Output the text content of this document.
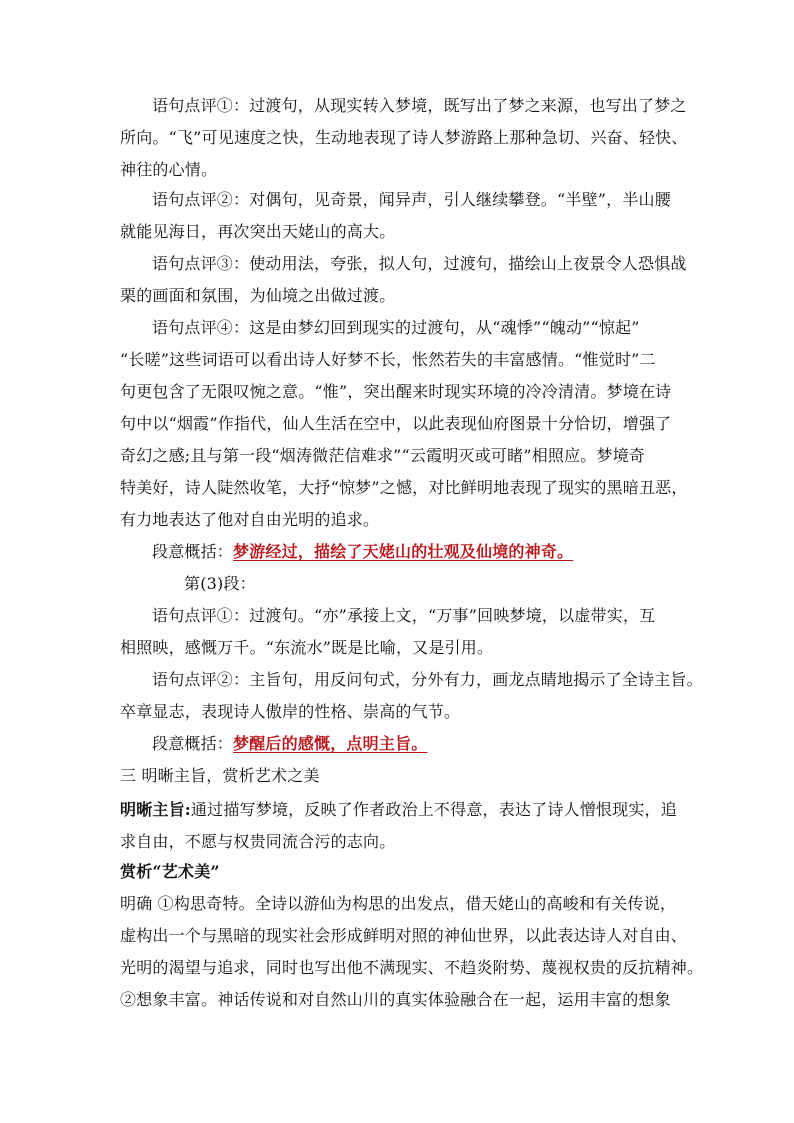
语句点评①：过渡句，从现实转入梦境，既写出了梦之来源，也写出了梦之
所向。“飞”可见速度之快，生动地表现了诗人梦游路上那种急切、兴奋、轻快、
神往的心情。
语句点评②：对偶句，见奇景，闻异声，引人继续攀登。“半壁”，半山腰
就能见海日，再次突出天姥山的高大。
语句点评③：使动用法，夸张，拟人句，过渡句，描绘山上夜景令人恐惧战
栗的画面和氛围，为仙境之出做过渡。
语句点评④：这是由梦幻回到现实的过渡句，从“魂悸”“魄动”“惊起”
“长嗟”这些词语可以看出诗人好梦不长，怅然若失的丰富感情。“惟觉时”二
句更包含了无限叹惋之意。“惟”，突出醒来时现实环境的冷冷清清。梦境在诗
句中以“烟霞”作指代，仙人生活在空中，以此表现仙府图景十分恰切，增强了
奇幻之感;且与第一段“烟涛微茫信难求”“云霞明灭或可睹”相照应。梦境奇
特美好，诗人陡然收笔，大抒“惊梦”之憾，对比鲜明地表现了现实的黑暗丑恶，
有力地表达了他对自由光明的追求。
段意概括：梦游经过，描绘了天姥山的壮观及仙境的神奇。
第(3)段：
语句点评①：过渡句。“亦”承接上文，“万事”回映梦境，以虚带实，互
相照映，感慨万千。“东流水”既是比喻，又是引用。
语句点评②：主旨句，用反问句式，分外有力，画龙点睛地揭示了全诗主旨。
卒章显志，表现诗人傲岸的性格、崇高的气节。
段意概括：梦醒后的感慨，点明主旨。
三 明晰主旨，赏析艺术之美
明晰主旨:通过描写梦境，反映了作者政治上不得意，表达了诗人憎恨现实，追
求自由，不愿与权贵同流合污的志向。
赏析“艺术美”
明确 ①构思奇特。全诗以游仙为构思的出发点，借天姥山的高峻和有关传说，
虚构出一个与黑暗的现实社会形成鲜明对照的神仙世界，以此表达诗人对自由、
光明的渴望与追求，同时也写出他不满现实、不趋炎附势、蔑视权贵的反抗精神。
②想象丰富。神话传说和对自然山川的真实体验融合在一起，运用丰富的想象
